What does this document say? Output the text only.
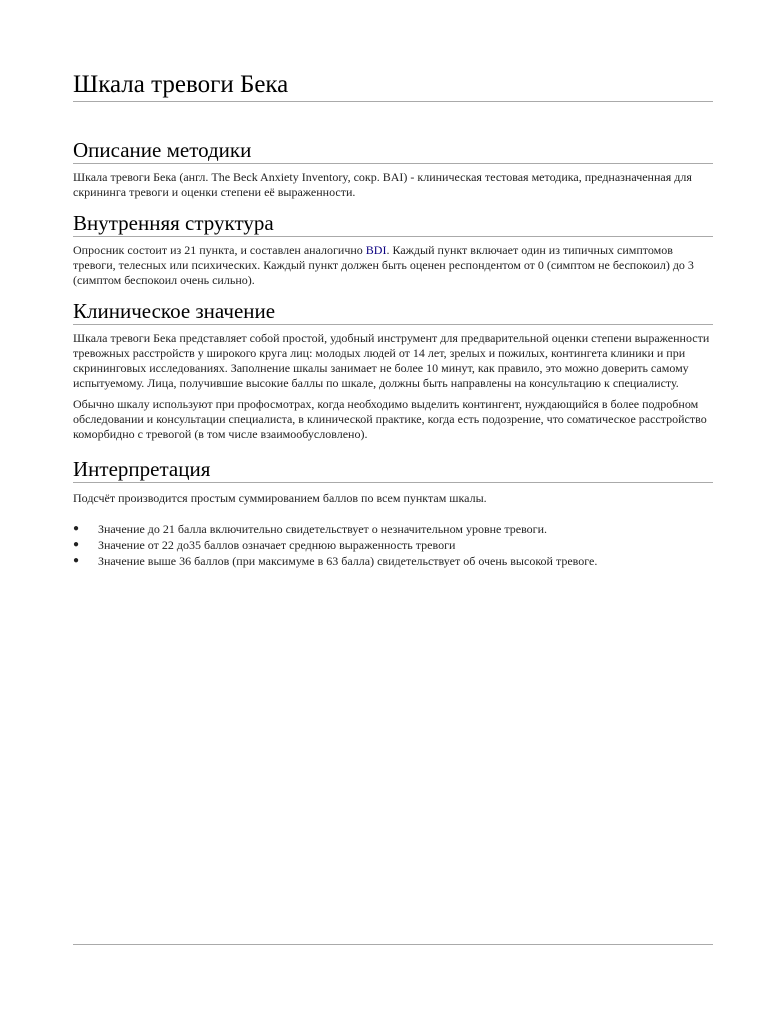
Шкала тревоги Бека
Описание методики

Шкала тревоги Бека (англ. The Beck Anxiety Inventory, сокр. BAI) - клиническая тестовая методика, предназначенная для скрининга тревоги и оценки степени её выраженности.

Внутренняя структура

Опросник состоит из 21 пункта, и составлен аналогично BDI. Каждый пункт включает один из типичных симптомов тревоги, телесных или психических. Каждый пункт должен быть оценен респондентом от 0 (симптом не беспокоил) до 3 (симптом беспокоил очень сильно).

Клиническое значение

Шкала тревоги Бека представляет собой простой, удобный инструмент для предварительной оценки степени выраженности тревожных расстройств у широкого круга лиц: молодых людей от 14 лет, зрелых и пожилых, контингета клиники и при скрининговых исследованиях. Заполнение шкалы занимает не более 10 минут, как правило, это можно доверить самому испытуемому. Лица, получившие высокие баллы по шкале, должны быть направлены на консультацию к специалисту.

Обычно шкалу используют при профосмотрах, когда необходимо выделить контингент, нуждающийся в более подробном обследовании и консультации специалиста, в клинической практике, когда есть подозрение, что соматическое расстройство коморбидно с тревогой (в том числе взаимообусловлено).

Интерпретация

Подсчёт производится простым суммированием баллов по всем пунктам шкалы.

● Значение до 21 балла включительно свидетельствует о незначительном уровне тревоги.
● Значение от 22 до35 баллов означает среднюю выраженность тревоги
● Значение выше 36 баллов (при максимуме в 63 балла) свидетельствует об очень высокой тревоге.
